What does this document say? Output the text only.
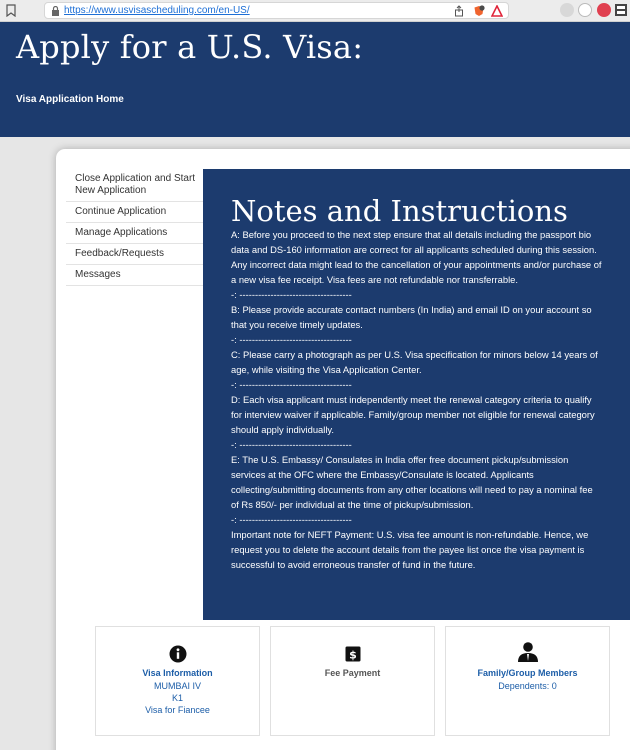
https://www.usvisascheduling.com/en-US/
Apply for a U.S. Visa:
Visa Application Home
Close Application and Start New Application
Continue Application
Manage Applications
Feedback/Requests
Messages
Notes and Instructions

A: Before you proceed to the next step ensure that all details including the passport bio data and DS-160 information are correct for all applicants scheduled during this session. Any incorrect data might lead to the cancellation of your appointments and/or purchase of a new visa fee receipt. Visa fees are not refundable nor transferrable.

-: ------------------------------------

B: Please provide accurate contact numbers (In India) and email ID on your account so that you receive timely updates.

-: ------------------------------------

C: Please carry a photograph as per U.S. Visa specification for minors below 14 years of age, while visiting the Visa Application Center.

-: ------------------------------------

D: Each visa applicant must independently meet the renewal category criteria to qualify for interview waiver if applicable. Family/group member not eligible for renewal category should apply individually.

-: ------------------------------------

E: The U.S. Embassy/ Consulates in India offer free document pickup/submission services at the OFC where the Embassy/Consulate is located. Applicants collecting/submitting documents from any other locations will need to pay a nominal fee of Rs 850/- per individual at the time of pickup/submission.

-: ------------------------------------

Important note for NEFT Payment: U.S. visa fee amount is non-refundable. Hence, we request you to delete the account details from the payee list once the visa payment is successful to avoid erroneous transfer of fund in the future.

Visa Information
MUMBAI IV
K1
Visa for Fiancee
$
Fee Payment	Family/Group Members
Dependents: 0
